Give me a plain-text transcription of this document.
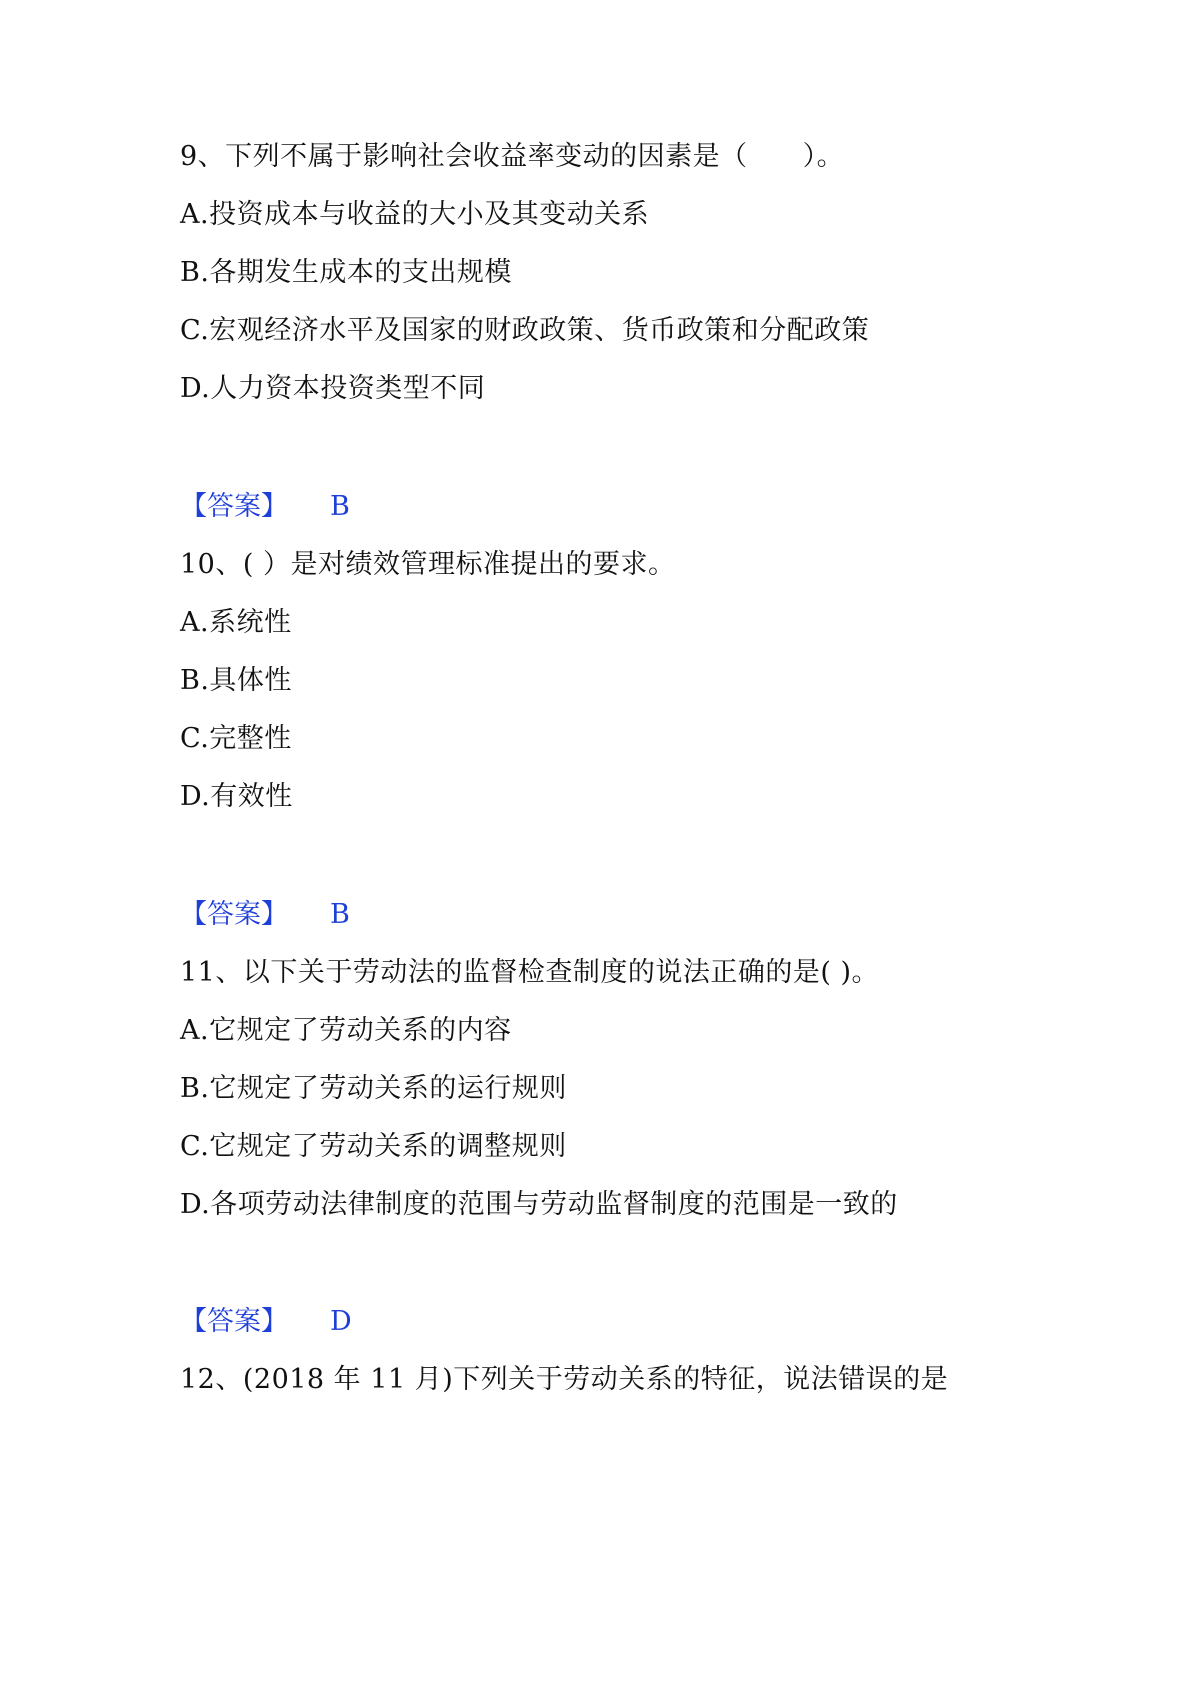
9、下列不属于影响社会收益率变动的因素是（　　）。
A.投资成本与收益的大小及其变动关系
B.各期发生成本的支出规模
C.宏观经济水平及国家的财政政策、货币政策和分配政策
D.人力资本投资类型不同
【答案】 B
10、( ）是对绩效管理标准提出的要求。
A.系统性
B.具体性
C.完整性
D.有效性
【答案】 B
11、以下关于劳动法的监督检查制度的说法正确的是( )。
A.它规定了劳动关系的内容
B.它规定了劳动关系的运行规则
C.它规定了劳动关系的调整规则
D.各项劳动法律制度的范围与劳动监督制度的范围是一致的
【答案】 D
12、(2018 年 11 月)下列关于劳动关系的特征，说法错误的是
